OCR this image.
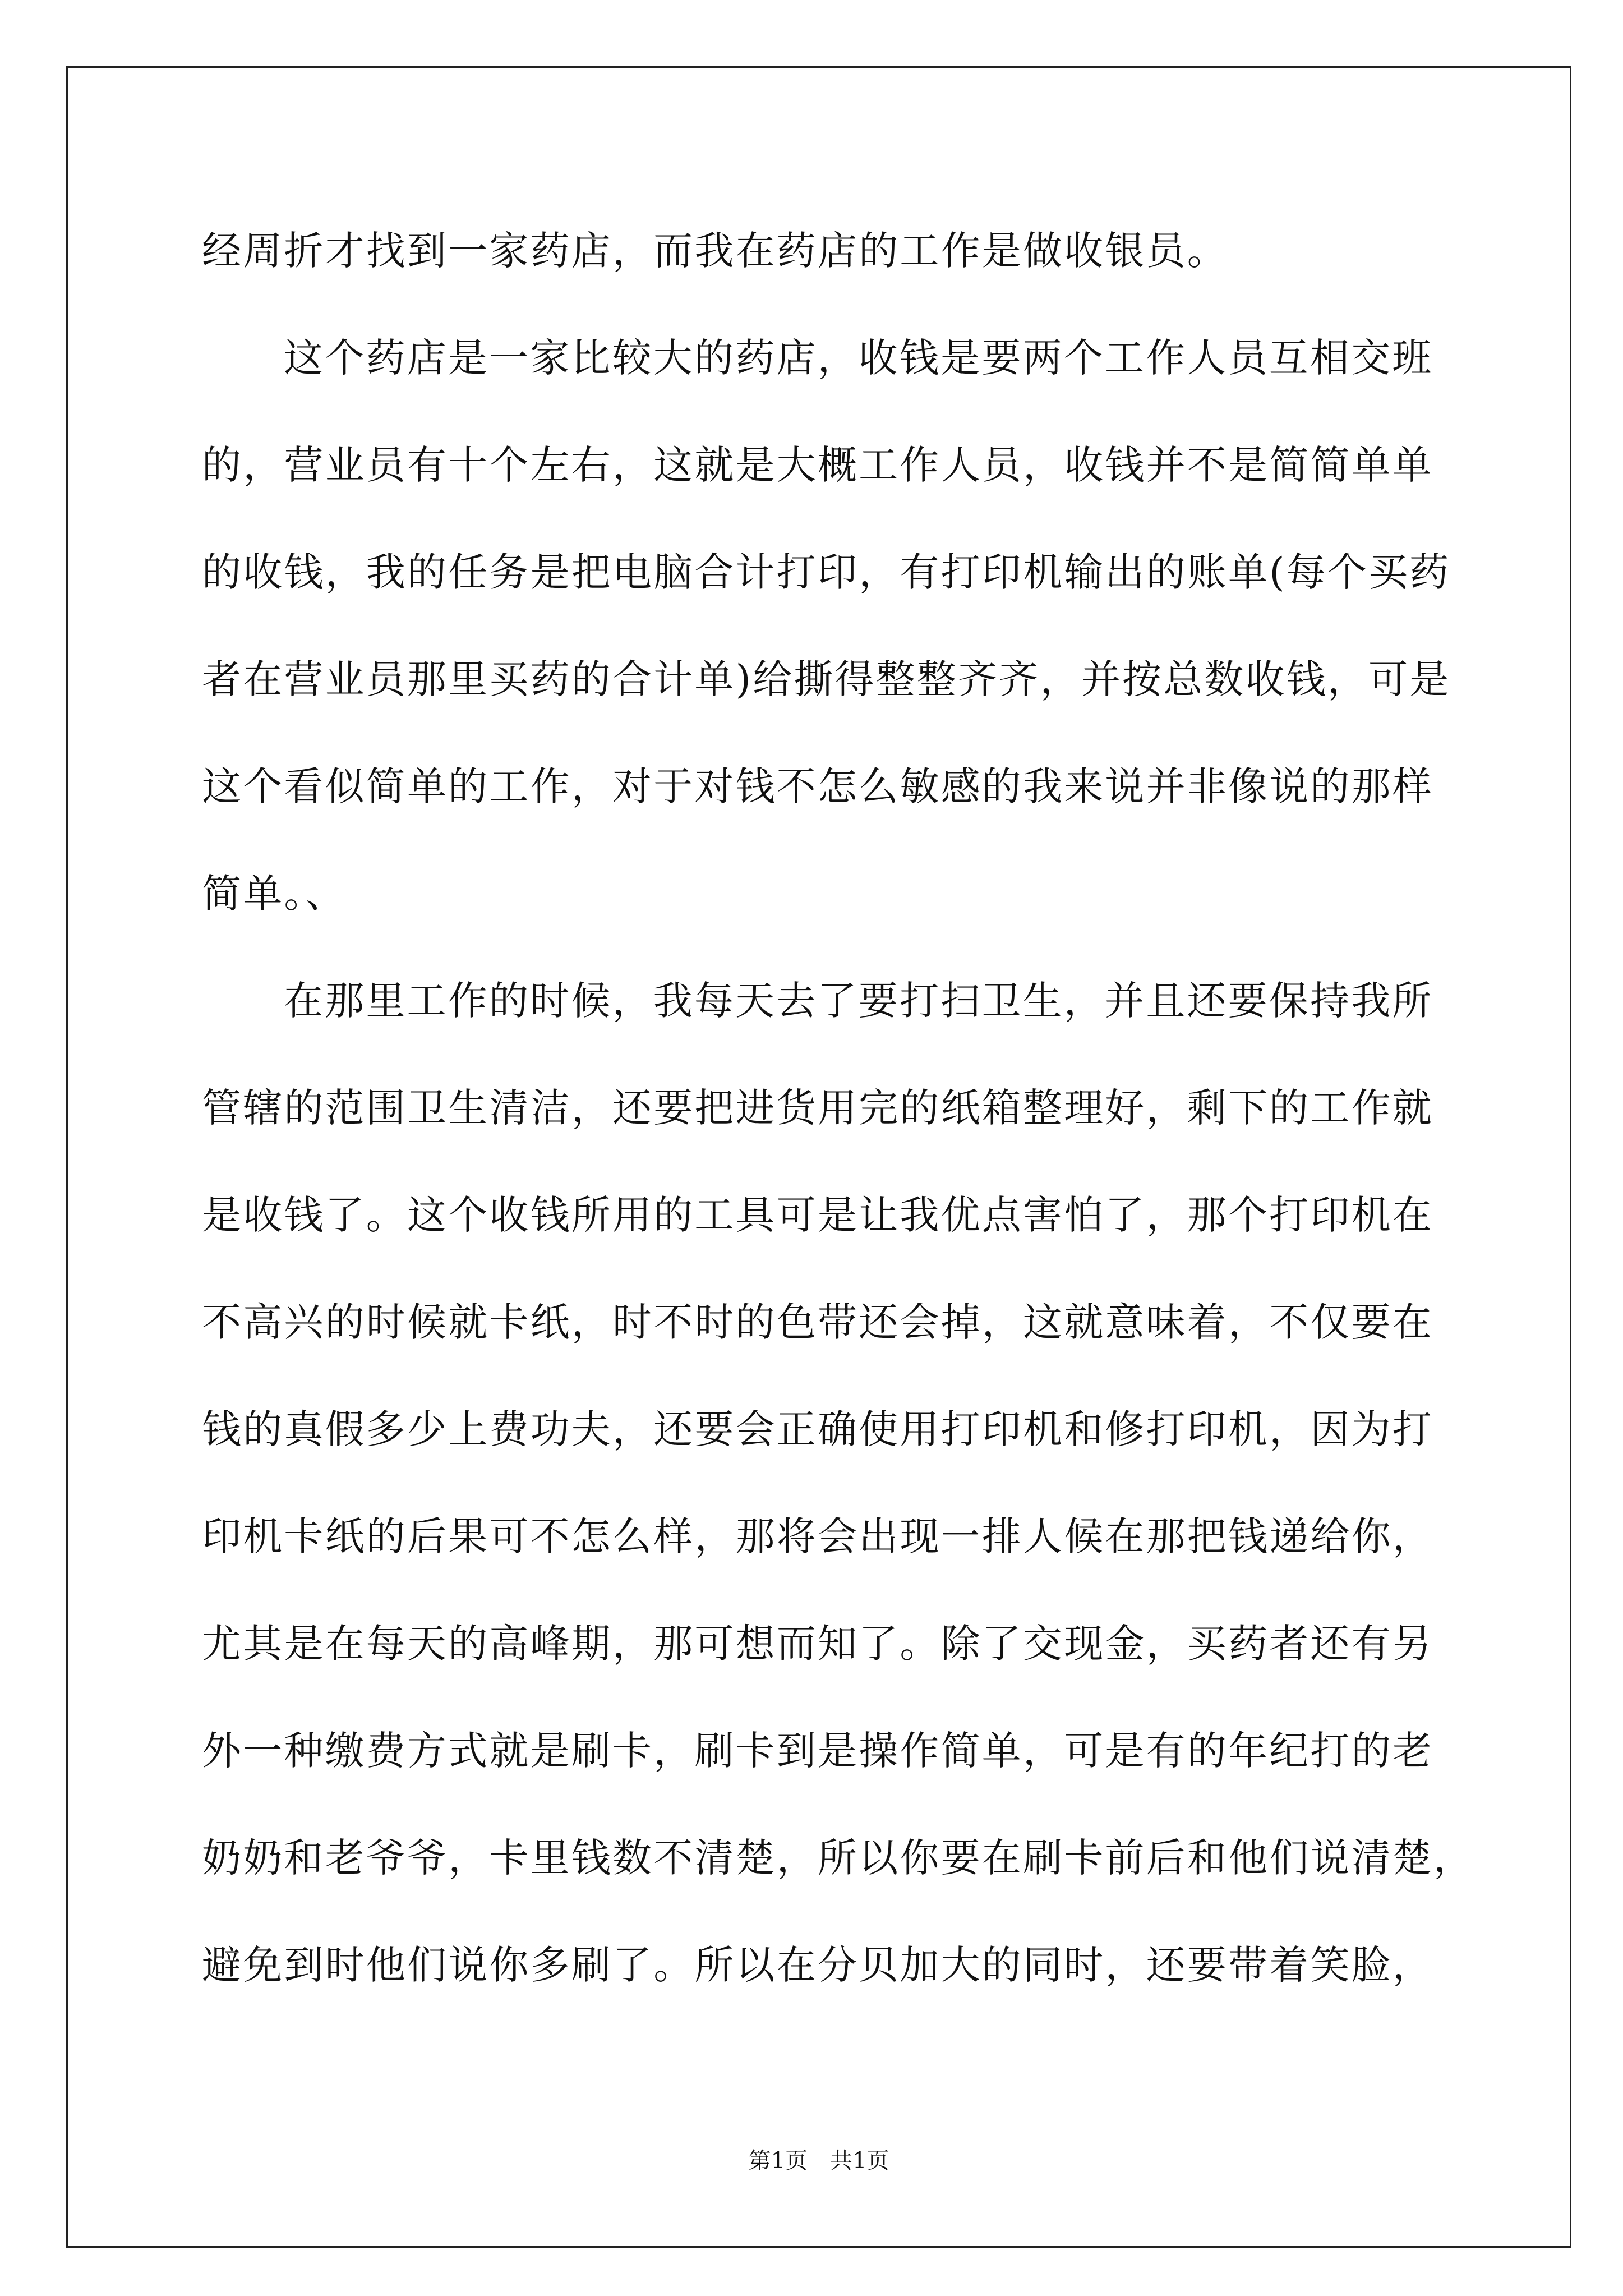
经周折才找到一家药店，而我在药店的工作是做收银员。
这个药店是一家比较大的药店，收钱是要两个工作人员互相交班
的，营业员有十个左右，这就是大概工作人员，收钱并不是简简单单
的收钱，我的任务是把电脑合计打印，有打印机输出的账单(每个买药
者在营业员那里买药的合计单)给撕得整整齐齐，并按总数收钱，可是
这个看似简单的工作，对于对钱不怎么敏感的我来说并非像说的那样
简单。、
在那里工作的时候，我每天去了要打扫卫生，并且还要保持我所
管辖的范围卫生清洁，还要把进货用完的纸箱整理好，剩下的工作就
是收钱了。这个收钱所用的工具可是让我优点害怕了，那个打印机在
不高兴的时候就卡纸，时不时的色带还会掉，这就意味着，不仅要在
钱的真假多少上费功夫，还要会正确使用打印机和修打印机，因为打
印机卡纸的后果可不怎么样，那将会出现一排人候在那把钱递给你，
尤其是在每天的高峰期，那可想而知了。除了交现金，买药者还有另
外一种缴费方式就是刷卡，刷卡到是操作简单，可是有的年纪打的老
奶奶和老爷爷，卡里钱数不清楚，所以你要在刷卡前后和他们说清楚，
避免到时他们说你多刷了。所以在分贝加大的同时，还要带着笑脸，
第1页　共1页
